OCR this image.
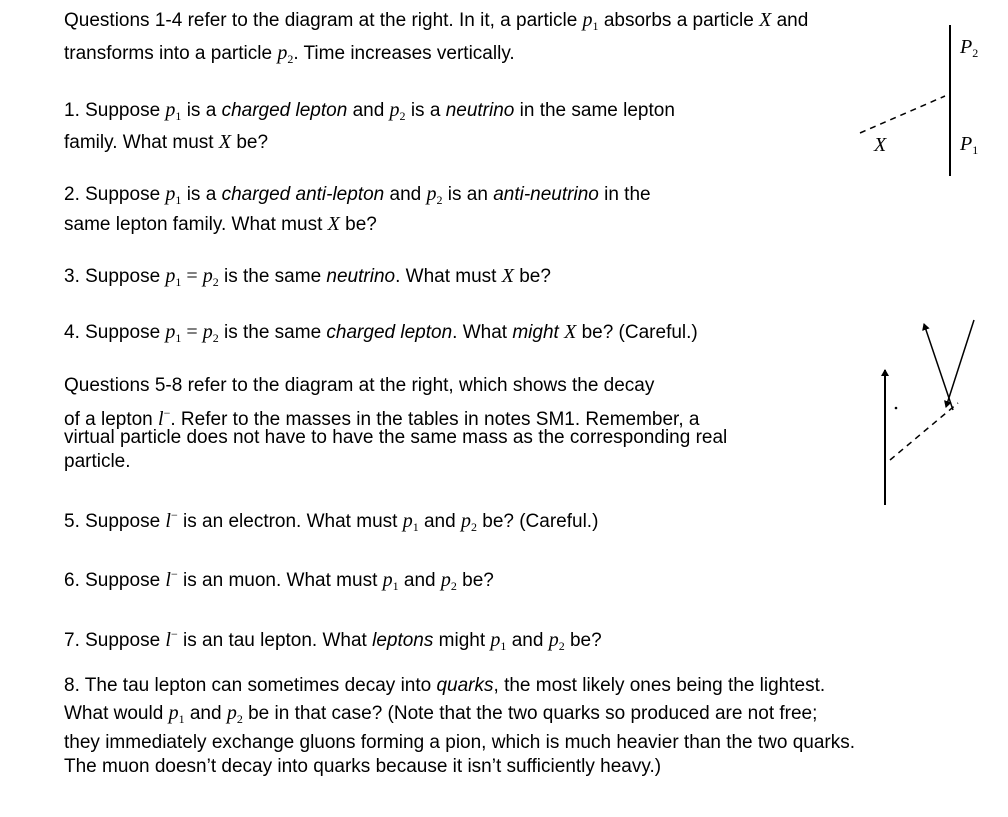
Questions 1-4 refer to the diagram at the right. In it, a particle $p_1$ absorbs a particle X and
transforms into a particle $p_2$. Time increases vertically.
1. Suppose $p_1$ is a charged lepton and $p_2$ is a neutrino in the same lepton
family. What must X be?
2. Suppose $p_1$ is a charged anti-lepton and $p_2$ is an anti-neutrino in the
same lepton family. What must X be?
3. Suppose $p_1 = p_2$ is the same neutrino. What must X be?
4. Suppose $p_1 = p_2$ is the same charged lepton. What might X be? (Careful.)
Questions 5-8 refer to the diagram at the right, which shows the decay
of a lepton l−. Refer to the masses in the tables in notes SM1. Remember, a
virtual particle does not have to have the same mass as the corresponding real
particle.
5. Suppose l− is an electron. What must $p_1$ and $p_2$ be? (Careful.)
6. Suppose l− is an muon. What must $p_1$ and $p_2$ be?
7. Suppose l− is an tau lepton. What leptons might $p_1$ and $p_2$ be?
8. The tau lepton can sometimes decay into quarks, the most likely ones being the lightest.
What would $p_1$ and $p_2$ be in that case? (Note that the two quarks so produced are not free;
they immediately exchange gluons forming a pion, which is much heavier than the two quarks.
The muon doesn’t decay into quarks because it isn’t sufficiently heavy.)
$P_2$
$P_1$
X
